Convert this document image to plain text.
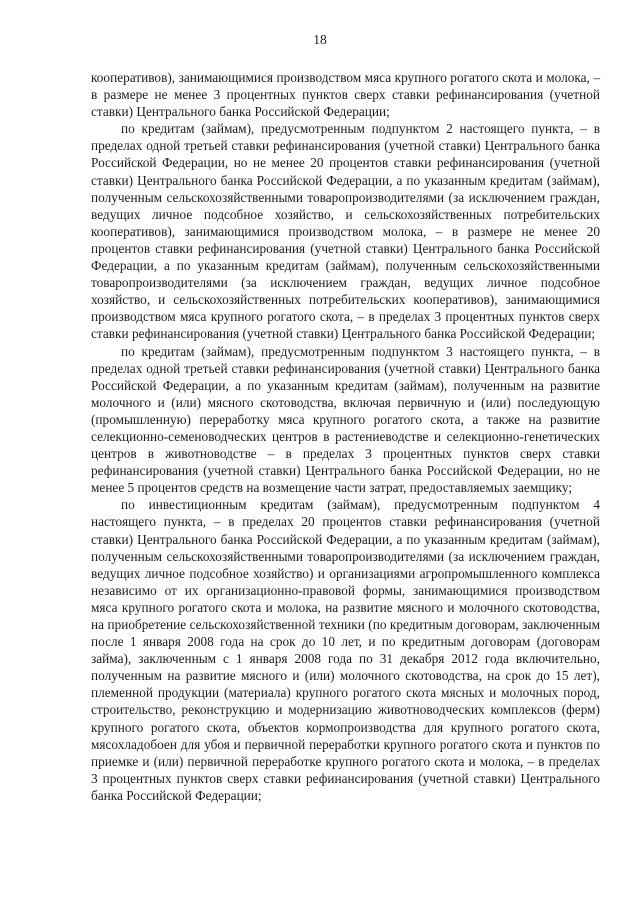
18

кооперативов), занимающимися производством мяса крупного рогатого скота и молока, – в размере не менее 3 процентных пунктов сверх ставки рефинансирования (учетной ставки) Центрального банка Российской Федерации;

по кредитам (займам), предусмотренным подпунктом 2 настоящего пункта, – в пределах одной третьей ставки рефинансирования (учетной ставки) Центрального банка Российской Федерации, но не менее 20 процентов ставки рефинансирования (учетной ставки) Центрального банка Российской Федерации, а по указанным кредитам (займам), полученным сельскохозяйственными товаропроизводителями (за исключением граждан, ведущих личное подсобное хозяйство, и сельскохозяйственных потребительских кооперативов), занимающимися производством молока, – в размере не менее 20 процентов ставки рефинансирования (учетной ставки) Центрального банка Российской Федерации, а по указанным кредитам (займам), полученным сельскохозяйственными товаропроизводителями (за исключением граждан, ведущих личное подсобное хозяйство, и сельскохозяйственных потребительских кооперативов), занимающимися производством мяса крупного рогатого скота, – в пределах 3 процентных пунктов сверх ставки рефинансирования (учетной ставки) Центрального банка Российской Федерации;

по кредитам (займам), предусмотренным подпунктом 3 настоящего пункта, – в пределах одной третьей ставки рефинансирования (учетной ставки) Центрального банка Российской Федерации, а по указанным кредитам (займам), полученным на развитие молочного и (или) мясного скотоводства, включая первичную и (или) последующую (промышленную) переработку мяса крупного рогатого скота, а также на развитие селекционно-семеноводческих центров в растениеводстве и селекционно-генетических центров в животноводстве – в пределах 3 процентных пунктов сверх ставки рефинансирования (учетной ставки) Центрального банка Российской Федерации, но не менее 5 процентов средств на возмещение части затрат, предоставляемых заемщику;

по инвестиционным кредитам (займам), предусмотренным подпунктом 4 настоящего пункта, – в пределах 20 процентов ставки рефинансирования (учетной ставки) Центрального банка Российской Федерации, а по указанным кредитам (займам), полученным сельскохозяйственными товаропроизводителями (за исключением граждан, ведущих личное подсобное хозяйство) и организациями агропромышленного комплекса независимо от их организационно-правовой формы, занимающимися производством мяса крупного рогатого скота и молока, на развитие мясного и молочного скотоводства, на приобретение сельскохозяйственной техники (по кредитным договорам, заключенным после 1 января 2008 года на срок до 10 лет, и по кредитным договорам (договорам займа), заключенным с 1 января 2008 года по 31 декабря 2012 года включительно, полученным на развитие мясного и (или) молочного скотоводства, на срок до 15 лет), племенной продукции (материала) крупного рогатого скота мясных и молочных пород, строительство, реконструкцию и модернизацию животноводческих комплексов (ферм) крупного рогатого скота, объектов кормопроизводства для крупного рогатого скота, мясохладобоен для убоя и первичной переработки крупного рогатого скота и пунктов по приемке и (или) первичной переработке крупного рогатого скота и молока, – в пределах 3 процентных пунктов сверх ставки рефинансирования (учетной ставки) Центрального банка Российской Федерации;
